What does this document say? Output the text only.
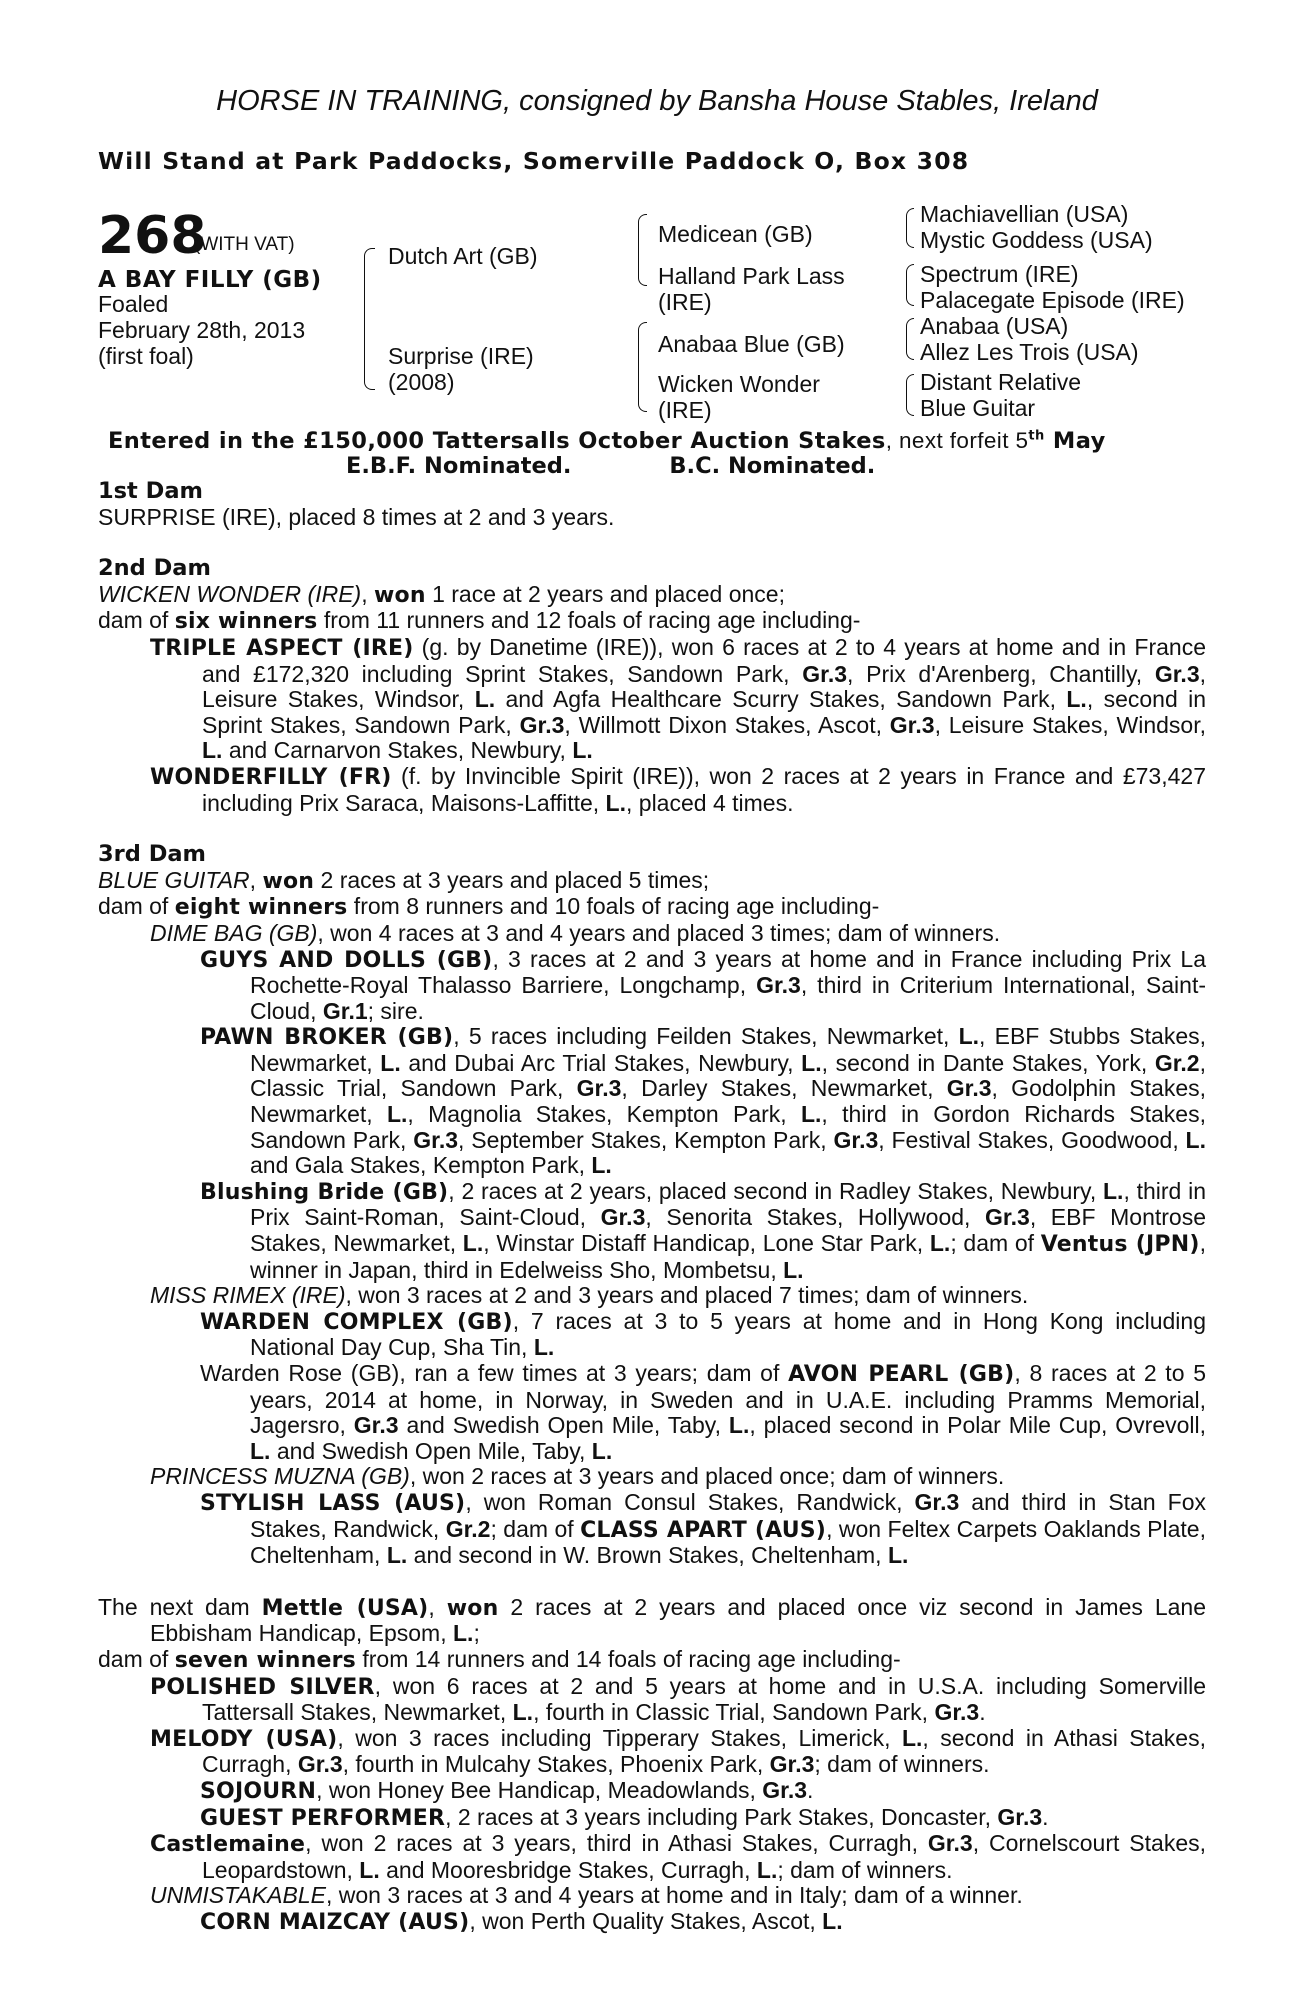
HORSE IN TRAINING, consigned by Bansha House Stables, Ireland
Will Stand at Park Paddocks, Somerville Paddock O, Box 308
268
(WITH VAT)
A BAY FILLY (GB)
Foaled
February 28th, 2013
(first foal)
Dutch Art (GB)
Surprise (IRE)
(2008)
Medicean (GB)
Halland Park Lass
(IRE)
Anabaa Blue (GB)
Wicken Wonder
(IRE)
Machiavellian (USA)
Mystic Goddess (USA)
Spectrum (IRE)
Palacegate Episode (IRE)
Anabaa (USA)
Allez Les Trois (USA)
Distant Relative
Blue Guitar
Entered in the £150,000 Tattersalls October Auction Stakes, next forfeit 5th May
E.B.F. Nominated.	B.C. Nominated.
1st Dam

SURPRISE (IRE), placed 8 times at 2 and 3 years.

2nd Dam

WICKEN WONDER (IRE), won 1 race at 2 years and placed once;

dam of six winners from 11 runners and 12 foals of racing age including-

TRIPLE ASPECT (IRE) (g. by Danetime (IRE)), won 6 races at 2 to 4 years at home and in France and £172,320 including Sprint Stakes, Sandown Park, Gr.3, Prix d'Arenberg, Chantilly, Gr.3, Leisure Stakes, Windsor, L. and Agfa Healthcare Scurry Stakes, Sandown Park, L., second in Sprint Stakes, Sandown Park, Gr.3, Willmott Dixon Stakes, Ascot, Gr.3, Leisure Stakes, Windsor, L. and Carnarvon Stakes, Newbury, L.

WONDERFILLY (FR) (f. by Invincible Spirit (IRE)), won 2 races at 2 years in France and £73,427 including Prix Saraca, Maisons-Laffitte, L., placed 4 times.

3rd Dam

BLUE GUITAR, won 2 races at 3 years and placed 5 times;

dam of eight winners from 8 runners and 10 foals of racing age including-

DIME BAG (GB), won 4 races at 3 and 4 years and placed 3 times; dam of winners.

GUYS AND DOLLS (GB), 3 races at 2 and 3 years at home and in France including Prix La Rochette-Royal Thalasso Barriere, Longchamp, Gr.3, third in Criterium International, Saint-Cloud, Gr.1; sire.

PAWN BROKER (GB), 5 races including Feilden Stakes, Newmarket, L., EBF Stubbs Stakes, Newmarket, L. and Dubai Arc Trial Stakes, Newbury, L., second in Dante Stakes, York, Gr.2, Classic Trial, Sandown Park, Gr.3, Darley Stakes, Newmarket, Gr.3, Godolphin Stakes, Newmarket, L., Magnolia Stakes, Kempton Park, L., third in Gordon Richards Stakes, Sandown Park, Gr.3, September Stakes, Kempton Park, Gr.3, Festival Stakes, Goodwood, L. and Gala Stakes, Kempton Park, L.

Blushing Bride (GB), 2 races at 2 years, placed second in Radley Stakes, Newbury, L., third in Prix Saint-Roman, Saint-Cloud, Gr.3, Senorita Stakes, Hollywood, Gr.3, EBF Montrose Stakes, Newmarket, L., Winstar Distaff Handicap, Lone Star Park, L.; dam of Ventus (JPN), winner in Japan, third in Edelweiss Sho, Mombetsu, L.

MISS RIMEX (IRE), won 3 races at 2 and 3 years and placed 7 times; dam of winners.

WARDEN COMPLEX (GB), 7 races at 3 to 5 years at home and in Hong Kong including National Day Cup, Sha Tin, L.

Warden Rose (GB), ran a few times at 3 years; dam of AVON PEARL (GB), 8 races at 2 to 5 years, 2014 at home, in Norway, in Sweden and in U.A.E. including Pramms Memorial, Jagersro, Gr.3 and Swedish Open Mile, Taby, L., placed second in Polar Mile Cup, Ovrevoll, L. and Swedish Open Mile, Taby, L.

PRINCESS MUZNA (GB), won 2 races at 3 years and placed once; dam of winners.

STYLISH LASS (AUS), won Roman Consul Stakes, Randwick, Gr.3 and third in Stan Fox Stakes, Randwick, Gr.2; dam of CLASS APART (AUS), won Feltex Carpets Oaklands Plate, Cheltenham, L. and second in W. Brown Stakes, Cheltenham, L.

The next dam Mettle (USA), won 2 races at 2 years and placed once viz second in James Lane Ebbisham Handicap, Epsom, L.;

dam of seven winners from 14 runners and 14 foals of racing age including-

POLISHED SILVER, won 6 races at 2 and 5 years at home and in U.S.A. including Somerville Tattersall Stakes, Newmarket, L., fourth in Classic Trial, Sandown Park, Gr.3.

MELODY (USA), won 3 races including Tipperary Stakes, Limerick, L., second in Athasi Stakes, Curragh, Gr.3, fourth in Mulcahy Stakes, Phoenix Park, Gr.3; dam of winners.

SOJOURN, won Honey Bee Handicap, Meadowlands, Gr.3.

GUEST PERFORMER, 2 races at 3 years including Park Stakes, Doncaster, Gr.3.

Castlemaine, won 2 races at 3 years, third in Athasi Stakes, Curragh, Gr.3, Cornelscourt Stakes, Leopardstown, L. and Mooresbridge Stakes, Curragh, L.; dam of winners.

UNMISTAKABLE, won 3 races at 3 and 4 years at home and in Italy; dam of a winner.

CORN MAIZCAY (AUS), won Perth Quality Stakes, Ascot, L.
